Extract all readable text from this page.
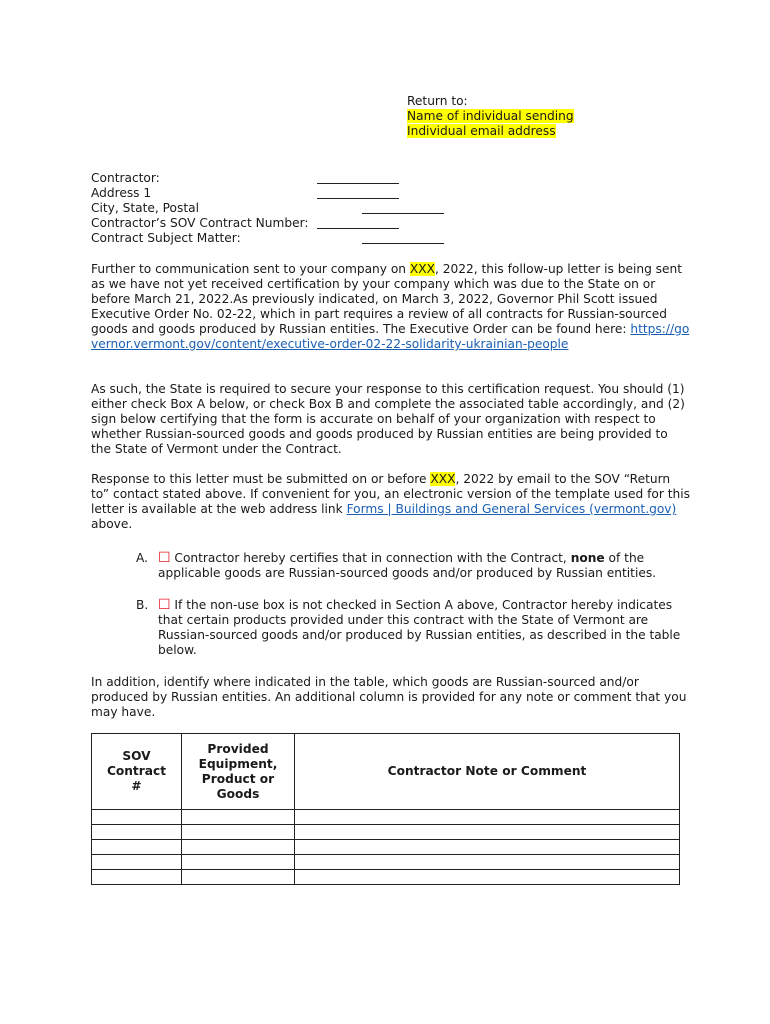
Return to:
Name of individual sending
Individual email address
Contractor:
Address 1
City, State, Postal
Contractor’s SOV Contract Number:
Contract Subject Matter:
Further to communication sent to your company on XXX, 2022, this follow-up letter is being sent as we have not yet received certification by your company which was due to the State on or before March 21, 2022.As previously indicated, on March 3, 2022, Governor Phil Scott issued Executive Order No. 02-22, which in part requires a review of all contracts for Russian-sourced goods and goods produced by Russian entities. The Executive Order can be found here: https://governor.vermont.gov/content/executive-order-02-22-solidarity-ukrainian-people
As such, the State is required to secure your response to this certification request. You should (1) either check Box A below, or check Box B and complete the associated table accordingly, and (2) sign below certifying that the form is accurate on behalf of your organization with respect to whether Russian-sourced goods and goods produced by Russian entities are being provided to the State of Vermont under the Contract.
Response to this letter must be submitted on or before XXX, 2022 by email to the SOV “Return to” contact stated above. If convenient for you, an electronic version of the template used for this letter is available at the web address link Forms | Buildings and General Services (vermont.gov) above.
A. ☐ Contractor hereby certifies that in connection with the Contract, none of the applicable goods are Russian-sourced goods and/or produced by Russian entities.
B. ☐ If the non-use box is not checked in Section A above, Contractor hereby indicates that certain products provided under this contract with the State of Vermont are Russian-sourced goods and/or produced by Russian entities, as described in the table below.
In addition, identify where indicated in the table, which goods are Russian-sourced and/or produced by Russian entities. An additional column is provided for any note or comment that you may have.
SOV Contract #	Provided Equipment, Product or Goods	Contractor Note or Comment
